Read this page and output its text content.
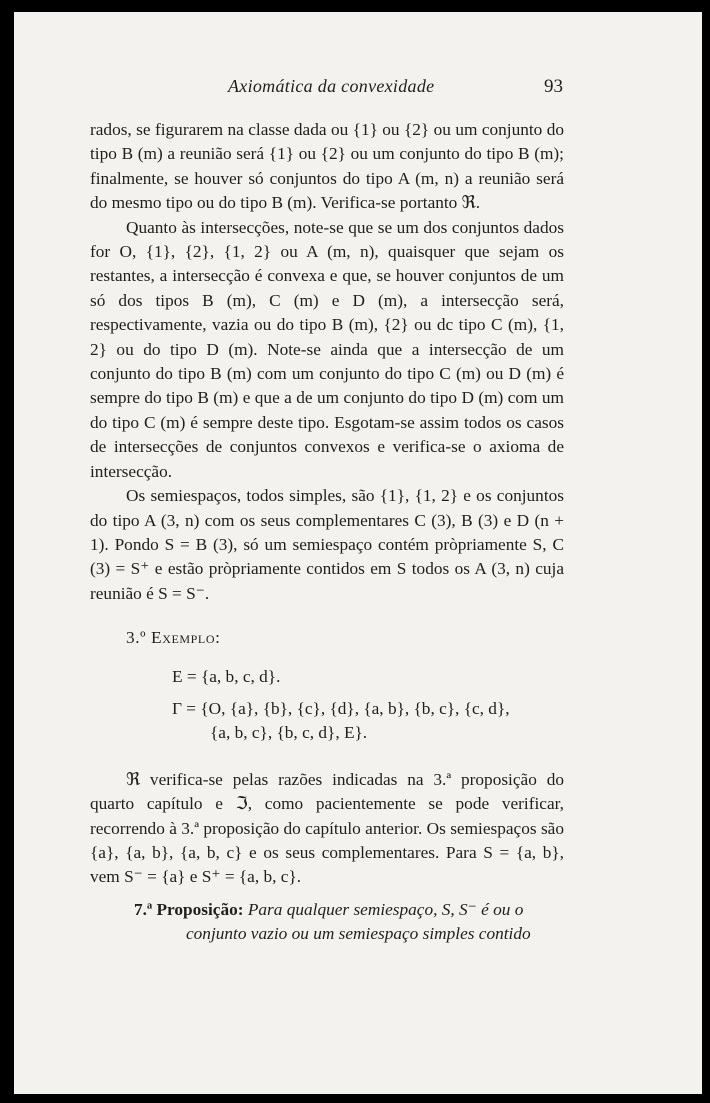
Axiomática da convexidade	93

rados, se figurarem na classe dada ou {1} ou {2} ou um conjunto do tipo B (m) a reunião será {1} ou {2} ou um conjunto do tipo B (m); finalmente, se houver só conjuntos do tipo A (m, n) a reunião será do mesmo tipo ou do tipo B (m). Verifica-se portanto ℜ.

Quanto às intersecções, note-se que se um dos conjuntos dados for O, {1}, {2}, {1, 2} ou A (m, n), quaisquer que sejam os restantes, a intersecção é convexa e que, se houver conjuntos de um só dos tipos B (m), C (m) e D (m), a intersecção será, respectivamente, vazia ou do tipo B (m), {2} ou dc tipo C (m), {1, 2} ou do tipo D (m). Note-se ainda que a intersecção de um conjunto do tipo B (m) com um conjunto do tipo C (m) ou D (m) é sempre do tipo B (m) e que a de um conjunto do tipo D (m) com um do tipo C (m) é sempre deste tipo. Esgotam-se assim todos os casos de intersecções de conjuntos convexos e verifica-se o axioma de intersecção.

Os semiespaços, todos simples, são {1}, {1, 2} e os conjuntos do tipo A (3, n) com os seus complementares C (3), B (3) e D (n + 1). Pondo S = B (3), só um semiespaço contém pròpriamente S, C (3) = S⁺ e estão pròpriamente contidos em S todos os A (3, n) cuja reunião é S = S⁻.

3.º Exemplo:

E = {a, b, c, d}.

Γ = {O, {a}, {b}, {c}, {d}, {a, b}, {b, c}, {c, d},

{a, b, c}, {b, c, d}, E}.

ℜ verifica-se pelas razões indicadas na 3.ª proposição do quarto capítulo e ℑ, como pacientemente se pode verificar, recorrendo à 3.ª proposição do capítulo anterior. Os semiespaços são {a}, {a, b}, {a, b, c} e os seus complementares. Para S = {a, b}, vem S⁻ = {a} e S⁺ = {a, b, c}.

7.ª Proposição: Para qualquer semiespaço, S, S⁻ é ou o
conjunto vazio ou um semiespaço simples contido
